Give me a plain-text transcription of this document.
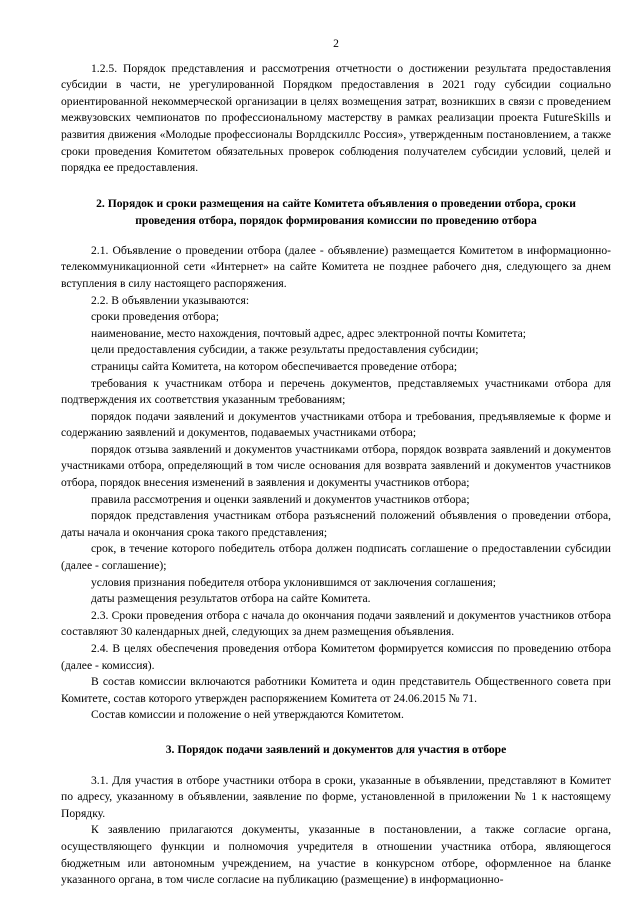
2

1.2.5. Порядок представления и рассмотрения отчетности о достижении результата предоставления субсидии в части, не урегулированной Порядком предоставления в 2021 году субсидии социально ориентированной некоммерческой организации в целях возмещения затрат, возникших в связи с проведением межвузовских чемпионатов по профессиональному мастерству в рамках реализации проекта FutureSkills и развития движения «Молодые профессионалы Ворлдскиллс Россия», утвержденным постановлением, а также сроки проведения Комитетом обязательных проверок соблюдения получателем субсидии условий, целей и порядка ее предоставления.

2. Порядок и сроки размещения на сайте Комитета объявления о проведении отбора, сроки проведения отбора, порядок формирования комиссии по проведению отбора

2.1. Объявление о проведении отбора (далее - объявление) размещается Комитетом в информационно-телекоммуникационной сети «Интернет» на сайте Комитета не позднее рабочего дня, следующего за днем вступления в силу настоящего распоряжения.

2.2. В объявлении указываются:

сроки проведения отбора;

наименование, место нахождения, почтовый адрес, адрес электронной почты Комитета;

цели предоставления субсидии, а также результаты предоставления субсидии;

страницы сайта Комитета, на котором обеспечивается проведение отбора;

требования к участникам отбора и перечень документов, представляемых участниками отбора для подтверждения их соответствия указанным требованиям;

порядок подачи заявлений и документов участниками отбора и требования, предъявляемые к форме и содержанию заявлений и документов, подаваемых участниками отбора;

порядок отзыва заявлений и документов участниками отбора, порядок возврата заявлений и документов участниками отбора, определяющий в том числе основания для возврата заявлений и документов участников отбора, порядок внесения изменений в заявления и документы участников отбора;

правила рассмотрения и оценки заявлений и документов участников отбора;

порядок представления участникам отбора разъяснений положений объявления о проведении отбора, даты начала и окончания срока такого представления;

срок, в течение которого победитель отбора должен подписать соглашение о предоставлении субсидии (далее - соглашение);

условия признания победителя отбора уклонившимся от заключения соглашения;

даты размещения результатов отбора на сайте Комитета.

2.3. Сроки проведения отбора с начала до окончания подачи заявлений и документов участников отбора составляют 30 календарных дней, следующих за днем размещения объявления.

2.4. В целях обеспечения проведения отбора Комитетом формируется комиссия по проведению отбора (далее - комиссия).

В состав комиссии включаются работники Комитета и один представитель Общественного совета при Комитете, состав которого утвержден распоряжением Комитета от 24.06.2015 № 71.

Состав комиссии и положение о ней утверждаются Комитетом.

3. Порядок подачи заявлений и документов для участия в отборе

3.1. Для участия в отборе участники отбора в сроки, указанные в объявлении, представляют в Комитет по адресу, указанному в объявлении, заявление по форме, установленной в приложении № 1 к настоящему Порядку.

К заявлению прилагаются документы, указанные в постановлении, а также согласие органа, осуществляющего функции и полномочия учредителя в отношении участника отбора, являющегося бюджетным или автономным учреждением, на участие в конкурсном отборе, оформленное на бланке указанного органа, в том числе согласие на публикацию (размещение) в информационно-
